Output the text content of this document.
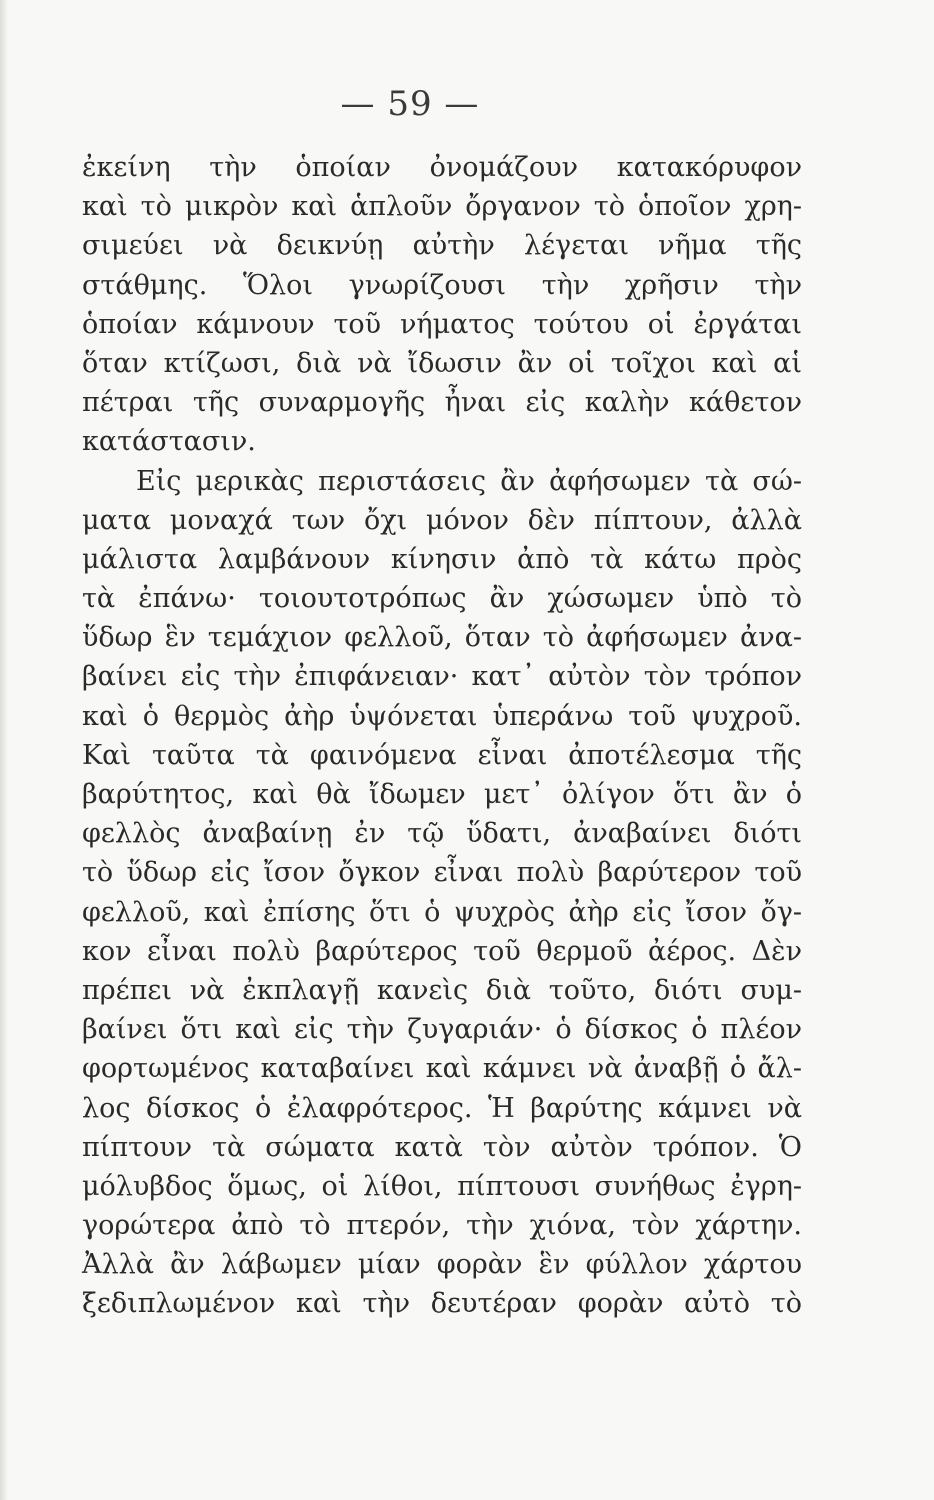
— 59 —
ἐκείνη τὴν ὁποίαν ὀνομάζουν κατακόρυφον
καὶ τὸ μικρὸν καὶ ἁπλοῦν ὄργανον τὸ ὁποῖον χρη-
σιμεύει νὰ δεικνύῃ αὐτὴν λέγεται νῆμα τῆς
στάθμης. Ὅλοι γνωρίζουσι τὴν χρῆσιν τὴν
ὁποίαν κάμνουν τοῦ νήματος τούτου οἱ ἐργάται
ὅταν κτίζωσι, διὰ νὰ ἴδωσιν ἂν οἱ τοῖχοι καὶ αἱ
πέτραι τῆς συναρμογῆς ἦναι εἰς καλὴν κάθετον
κατάστασιν.
Εἰς μερικὰς περιστάσεις ἂν ἀφήσωμεν τὰ σώ-
ματα μοναχά των ὄχι μόνον δὲν πίπτουν, ἀλλὰ
μάλιστα λαμβάνουν κίνησιν ἀπὸ τὰ κάτω πρὸς
τὰ ἐπάνω· τοιουτοτρόπως ἂν χώσωμεν ὑπὸ τὸ
ὕδωρ ἓν τεμάχιον φελλοῦ, ὅταν τὸ ἀφήσωμεν ἀνα-
βαίνει εἰς τὴν ἐπιφάνειαν· κατ᾽ αὐτὸν τὸν τρόπον
καὶ ὁ θερμὸς ἀὴρ ὑψόνεται ὑπεράνω τοῦ ψυχροῦ.
Καὶ ταῦτα τὰ φαινόμενα εἶναι ἀποτέλεσμα τῆς
βαρύτητος, καὶ θὰ ἴδωμεν μετ᾽ ὀλίγον ὅτι ἂν ὁ
φελλὸς ἀναβαίνῃ ἐν τῷ ὕδατι, ἀναβαίνει διότι
τὸ ὕδωρ εἰς ἴσον ὄγκον εἶναι πολὺ βαρύτερον τοῦ
φελλοῦ, καὶ ἐπίσης ὅτι ὁ ψυχρὸς ἀὴρ εἰς ἴσον ὄγ-
κον εἶναι πολὺ βαρύτερος τοῦ θερμοῦ ἀέρος. Δὲν
πρέπει νὰ ἐκπλαγῇ κανεὶς διὰ τοῦτο, διότι συμ-
βαίνει ὅτι καὶ εἰς τὴν ζυγαριάν· ὁ δίσκος ὁ πλέον
φορτωμένος καταβαίνει καὶ κάμνει νὰ ἀναβῇ ὁ ἄλ-
λος δίσκος ὁ ἐλαφρότερος. Ἡ βαρύτης κάμνει νὰ
πίπτουν τὰ σώματα κατὰ τὸν αὐτὸν τρόπον. Ὁ
μόλυβδος ὅμως, οἱ λίθοι, πίπτουσι συνήθως ἐγρη-
γορώτερα ἀπὸ τὸ πτερόν, τὴν χιόνα, τὸν χάρτην.
Ἀλλὰ ἂν λάβωμεν μίαν φορὰν ἓν φύλλον χάρτου
ξεδιπλωμένον καὶ τὴν δευτέραν φορὰν αὐτὸ τὸ
